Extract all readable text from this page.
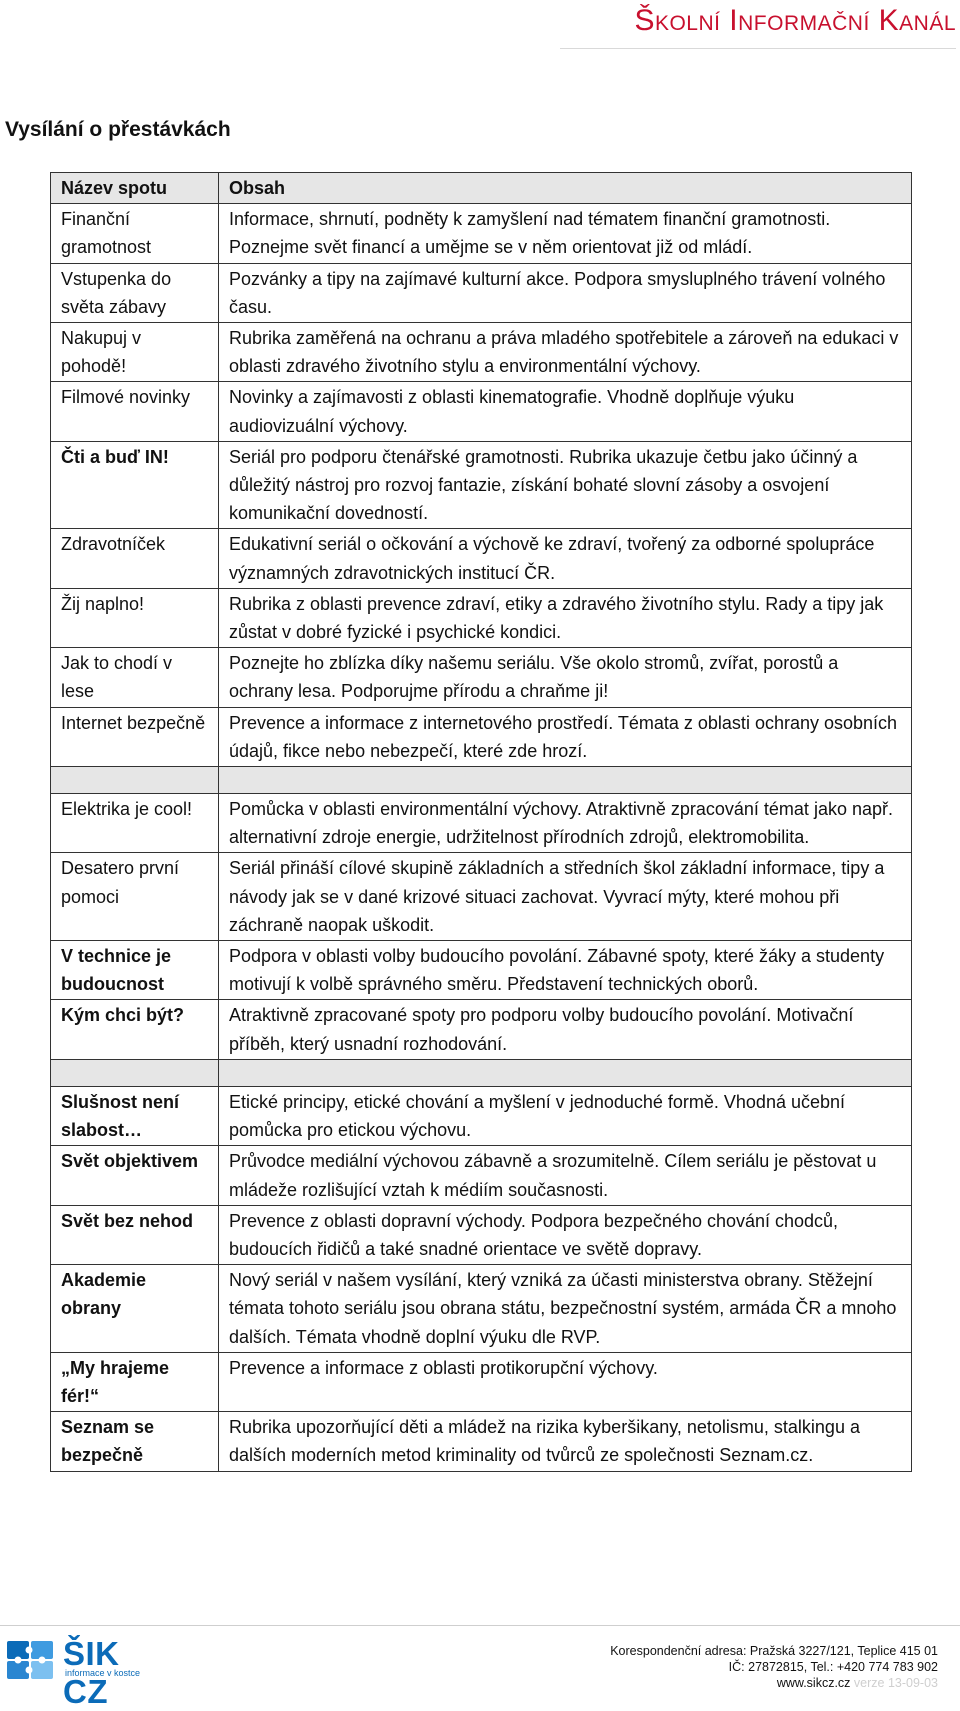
Školní Informační Kanál
Vysílání o přestávkách
Název spotu	Obsah
Finanční gramotnost	Informace, shrnutí, podněty k zamyšlení nad tématem finanční gramotnosti. Poznejme svět financí a umějme se v něm orientovat již od mládí.
Vstupenka do světa zábavy	Pozvánky a tipy na zajímavé kulturní akce. Podpora smysluplného trávení volného času.
Nakupuj v pohodě!	Rubrika zaměřená na ochranu a práva mladého spotřebitele a zároveň na edukaci v oblasti zdravého životního stylu a environmentální výchovy.
Filmové novinky	Novinky a zajímavosti z oblasti kinematografie. Vhodně doplňuje výuku audiovizuální výchovy.
Čti a buď IN!	Seriál pro podporu čtenářské gramotnosti. Rubrika ukazuje četbu jako účinný a důležitý nástroj pro rozvoj fantazie, získání bohaté slovní zásoby a osvojení komunikační dovedností.
Zdravotníček	Edukativní seriál o očkování a výchově ke zdraví, tvořený za odborné spolupráce významných zdravotnických institucí ČR.
Žij naplno!	Rubrika z oblasti prevence zdraví, etiky a zdravého životního stylu. Rady a tipy jak zůstat v dobré fyzické i psychické kondici.
Jak to chodí v lese	Poznejte ho zblízka díky našemu seriálu. Vše okolo stromů, zvířat, porostů a ochrany lesa. Podporujme přírodu a chraňme ji!
Internet bezpečně	Prevence a informace z internetového prostředí. Témata z oblasti ochrany osobních údajů, fikce nebo nebezpečí, které zde hrozí.

Elektrika je cool!	Pomůcka v oblasti environmentální výchovy. Atraktivně zpracování témat jako např. alternativní zdroje energie, udržitelnost přírodních zdrojů, elektromobilita.
Desatero první pomoci	Seriál přináší cílové skupině základních a středních škol základní informace, tipy a návody jak se v dané krizové situaci zachovat. Vyvrací mýty, které mohou při záchraně naopak uškodit.
V technice je budoucnost	Podpora v oblasti volby budoucího povolání. Zábavné spoty, které žáky a studenty motivují k volbě správného směru. Představení technických oborů.
Kým chci být?	Atraktivně zpracované spoty pro podporu volby budoucího povolání. Motivační příběh, který usnadní rozhodování.

Slušnost není slabost…	Etické principy, etické chování a myšlení v jednoduché formě. Vhodná učební pomůcka pro etickou výchovu.
Svět objektivem	Průvodce mediální výchovou zábavně a srozumitelně. Cílem seriálu je pěstovat u mládeže rozlišující vztah k médiím současnosti.
Svět bez nehod	Prevence z oblasti dopravní východy. Podpora bezpečného chování chodců, budoucích řidičů a také snadné orientace ve světě dopravy.
Akademie obrany	Nový seriál v našem vysílání, který vzniká za účasti ministerstva obrany. Stěžejní témata tohoto seriálu jsou obrana státu, bezpečnostní systém, armáda ČR a mnoho dalších. Témata vhodně doplní výuku dle RVP.
„My hrajeme fér!“	Prevence a informace z oblasti protikorupční výchovy.
Seznam se bezpečně	Rubrika upozorňující děti a mládež na rizika kyberšikany, netolismu, stalkingu a dalších moderních metod kriminality od tvůrců ze společnosti Seznam.cz.
ŠIK CZ
informace v kostce
Korespondenční adresa: Pražská 3227/121, Teplice 415 01
IČ: 27872815, Tel.: +420 774 783 902
www.sikcz.cz verze 13-09-03
